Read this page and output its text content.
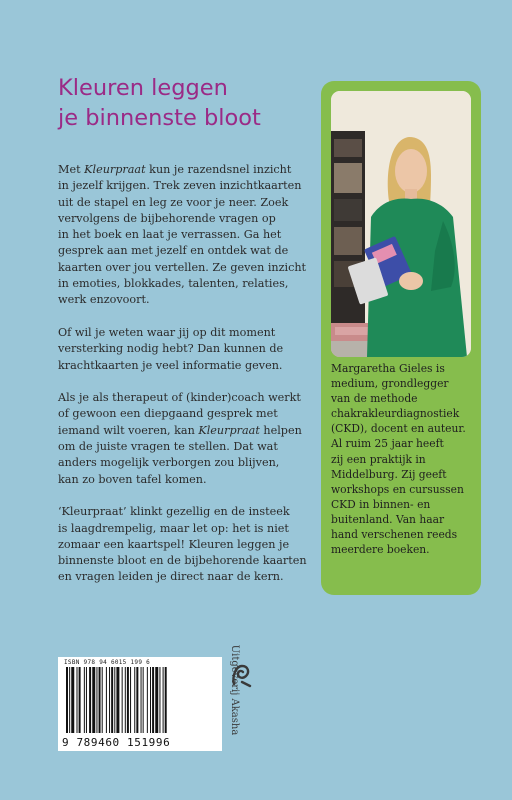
Kleuren leggen
je binnenste bloot

Met Kleurpraat kun je razendsnel inzicht
in jezelf krijgen. Trek zeven inzichtkaarten
uit de stapel en leg ze voor je neer. Zoek
vervolgens de bijbehorende vragen op
in het boek en laat je verrassen. Ga het
gesprek aan met jezelf en ontdek wat de
kaarten over jou vertellen. Ze geven inzicht
in emoties, blokkades, talenten, relaties,
werk enzovoort.

Of wil je weten waar jij op dit moment
versterking nodig hebt? Dan kunnen de
krachtkaarten je veel informatie geven.

Als je als therapeut of (kinder)coach werkt
of gewoon een diepgaand gesprek met
iemand wilt voeren, kan Kleurpraat helpen
om de juiste vragen te stellen. Dat wat
anders mogelijk verborgen zou blijven,
kan zo boven tafel komen.

‘Kleurpraat’ klinkt gezellig en de insteek
is laagdrempelig, maar let op: het is niet
zomaar een kaartspel! Kleuren leggen je
binnenste bloot en de bijbehorende kaarten
en vragen leiden je direct naar de kern.

Margaretha Gieles is
medium, grondlegger
van de methode
chakrakleurdiagnostiek
(CKD), docent en auteur.
Al ruim 25 jaar heeft
zij een praktijk in
Middelburg. Zij geeft
workshops en cursussen
CKD in binnen- en
buitenland. Van haar
hand verschenen reeds
meerdere boeken.
ISBN 978 94 6015 199 6
9 789460 151996
Uitgeverij Akasha
